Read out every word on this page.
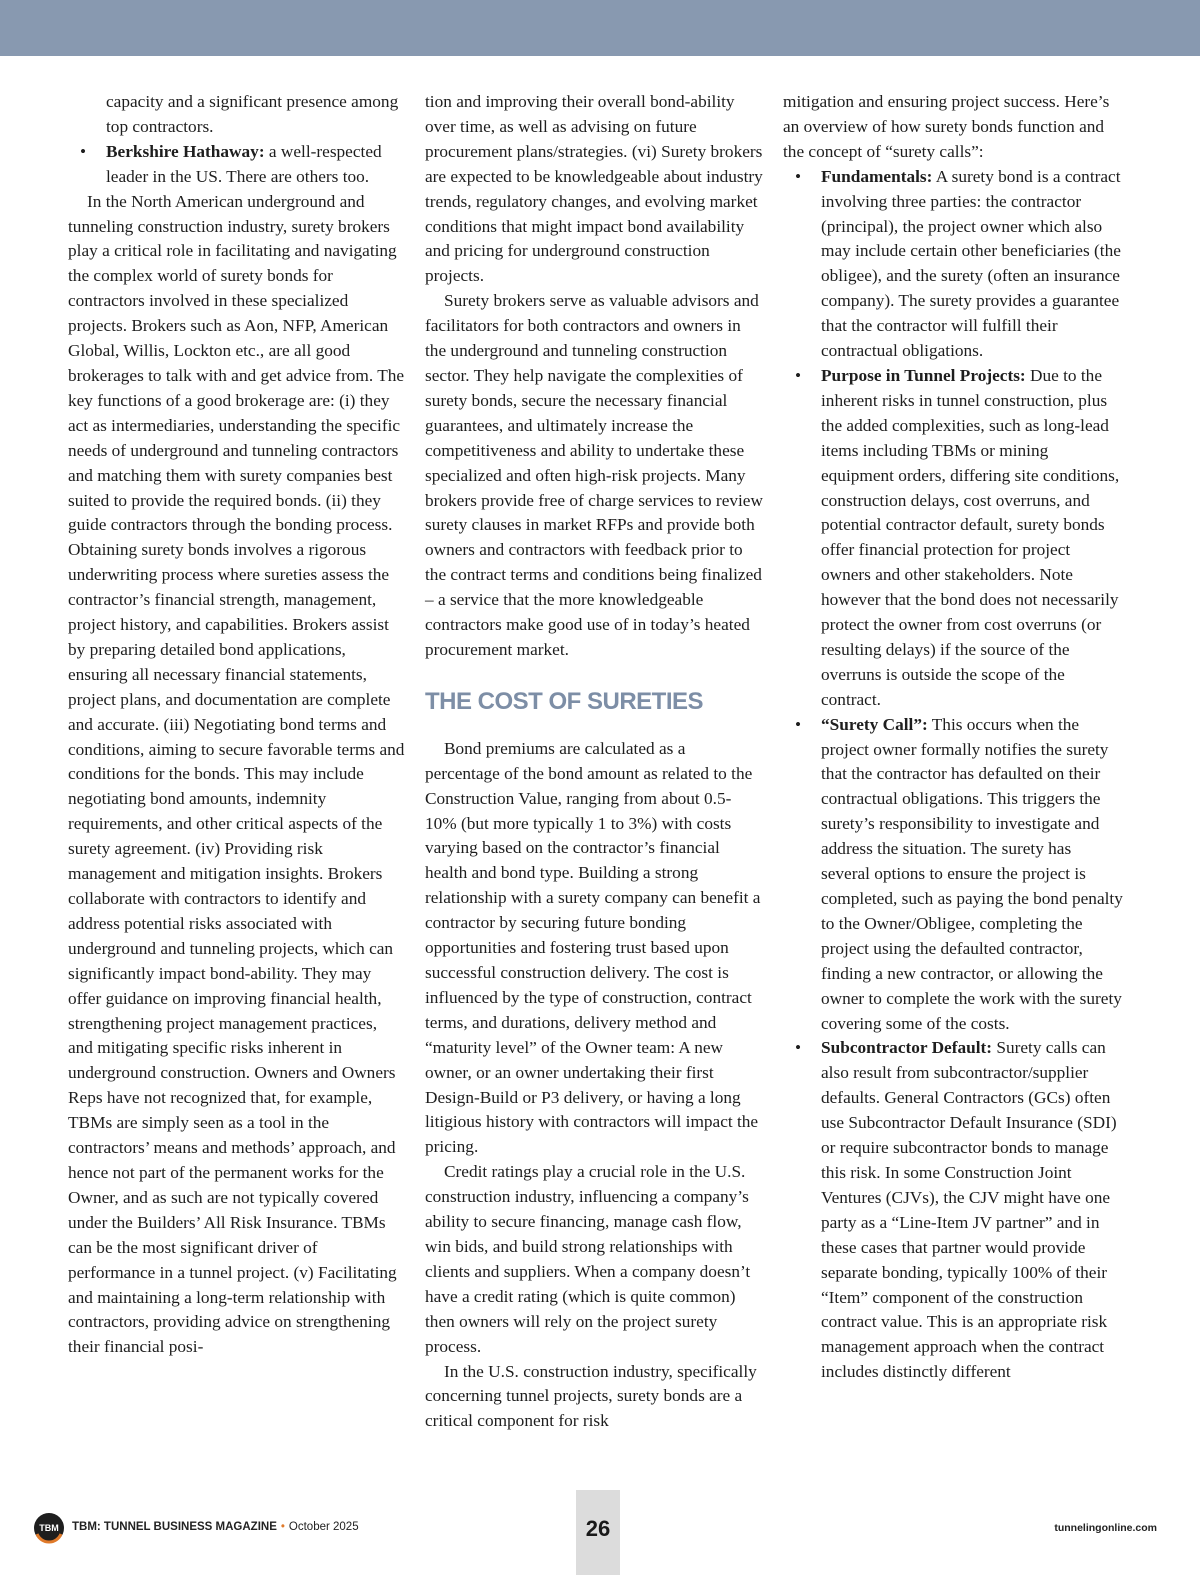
capacity and a significant presence among top contractors.

• Berkshire Hathaway: a well-respected leader in the US. There are others too.

In the North American underground and tunneling construction industry, surety brokers play a critical role in facilitating and navigating the complex world of surety bonds for contractors involved in these specialized projects. Brokers such as Aon, NFP, American Global, Willis, Lockton etc., are all good brokerages to talk with and get advice from. The key functions of a good brokerage are: (i) they act as intermediaries, understanding the specific needs of underground and tunneling contractors and matching them with surety companies best suited to provide the required bonds. (ii) they guide contractors through the bonding process. Obtaining surety bonds involves a rigorous underwriting process where sureties assess the contractor’s financial strength, management, project history, and capabilities. Brokers assist by preparing detailed bond applications, ensuring all necessary financial statements, project plans, and documentation are complete and accurate. (iii) Negotiating bond terms and conditions, aiming to secure favorable terms and conditions for the bonds. This may include negotiating bond amounts, indemnity requirements, and other critical aspects of the surety agreement. (iv) Providing risk management and mitigation insights. Brokers collaborate with contractors to identify and address potential risks associated with underground and tunneling projects, which can significantly impact bond-ability. They may offer guidance on improving financial health, strengthening project management practices, and mitigating specific risks inherent in underground construction. Owners and Owners Reps have not recognized that, for example, TBMs are simply seen as a tool in the contractors’ means and methods’ approach, and hence not part of the permanent works for the Owner, and as such are not typically covered under the Builders’ All Risk Insurance. TBMs can be the most significant driver of performance in a tunnel project. (v) Facilitating and maintaining a long-term relationship with contractors, providing advice on strengthening their financial posi-

tion and improving their overall bond-ability over time, as well as advising on future procurement plans/strategies. (vi) Surety brokers are expected to be knowledgeable about industry trends, regulatory changes, and evolving market conditions that might impact bond availability and pricing for underground construction projects.

Surety brokers serve as valuable advisors and facilitators for both contractors and owners in the underground and tunneling construction sector. They help navigate the complexities of surety bonds, secure the necessary financial guarantees, and ultimately increase the competitiveness and ability to undertake these specialized and often high-risk projects. Many brokers provide free of charge services to review surety clauses in market RFPs and provide both owners and contractors with feedback prior to the contract terms and conditions being finalized – a service that the more knowledgeable contractors make good use of in today’s heated procurement market.

THE COST OF SURETIES

Bond premiums are calculated as a percentage of the bond amount as related to the Construction Value, ranging from about 0.5-10% (but more typically 1 to 3%) with costs varying based on the contractor’s financial health and bond type. Building a strong relationship with a surety company can benefit a contractor by securing future bonding opportunities and fostering trust based upon successful construction delivery. The cost is influenced by the type of construction, contract terms, and durations, delivery method and “maturity level” of the Owner team: A new owner, or an owner undertaking their first Design-Build or P3 delivery, or having a long litigious history with contractors will impact the pricing.

Credit ratings play a crucial role in the U.S. construction industry, influencing a company’s ability to secure financing, manage cash flow, win bids, and build strong relationships with clients and suppliers. When a company doesn’t have a credit rating (which is quite common) then owners will rely on the project surety process.

In the U.S. construction industry, specifically concerning tunnel projects, surety bonds are a critical component for risk

mitigation and ensuring project success. Here’s an overview of how surety bonds function and the concept of “surety calls”:

• Fundamentals: A surety bond is a contract involving three parties: the contractor (principal), the project owner which also may include certain other beneficiaries (the obligee), and the surety (often an insurance company). The surety provides a guarantee that the contractor will fulfill their contractual obligations.

• Purpose in Tunnel Projects: Due to the inherent risks in tunnel construction, plus the added complexities, such as long-lead items including TBMs or mining equipment orders, differing site conditions, construction delays, cost overruns, and potential contractor default, surety bonds offer financial protection for project owners and other stakeholders. Note however that the bond does not necessarily protect the owner from cost overruns (or resulting delays) if the source of the overruns is outside the scope of the contract.

• “Surety Call”: This occurs when the project owner formally notifies the surety that the contractor has defaulted on their contractual obligations. This triggers the surety’s responsibility to investigate and address the situation. The surety has several options to ensure the project is completed, such as paying the bond penalty to the Owner/Obligee, completing the project using the defaulted contractor, finding a new contractor, or allowing the owner to complete the work with the surety covering some of the costs.

• Subcontractor Default: Surety calls can also result from subcontractor/supplier defaults. General Contractors (GCs) often use Subcontractor Default Insurance (SDI) or require subcontractor bonds to manage this risk. In some Construction Joint Ventures (CJVs), the CJV might have one party as a “Line-Item JV partner” and in these cases that partner would provide separate bonding, typically 100% of their “Item” component of the construction contract value. This is an appropriate risk management approach when the contract includes distinctly different

TBM TBM: TUNNEL BUSINESS MAGAZINE • October 2025	26	tunnelingonline.com
